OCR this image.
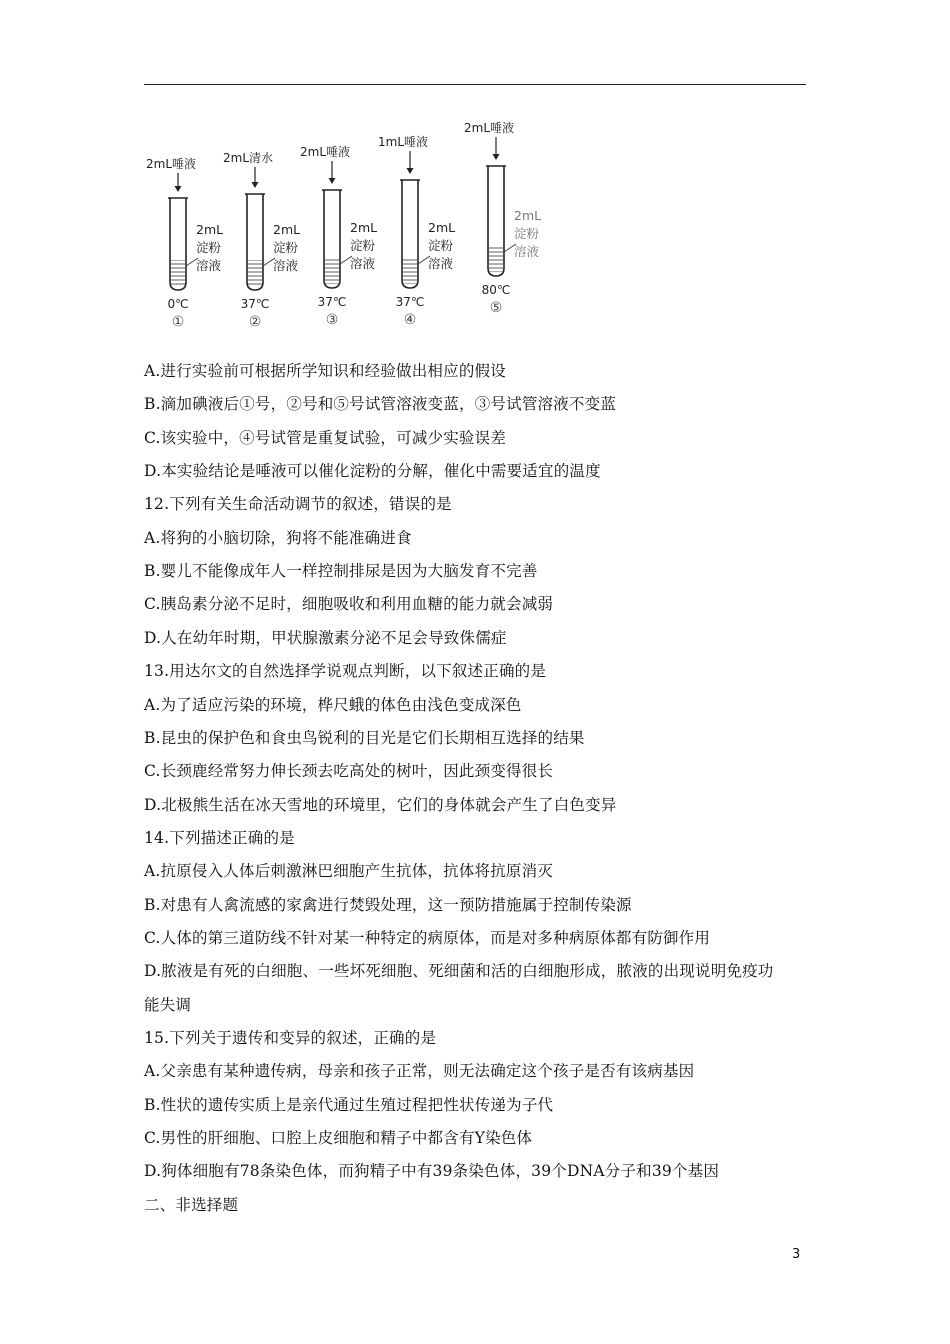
2mL唾液
2mL
淀粉
溶液
0℃
①
2mL清水
2mL
淀粉
溶液
37℃
②
2mL唾液
2mL
淀粉
溶液
37℃
③
1mL唾液
2mL
淀粉
溶液
37℃
④
2mL唾液
2mL
淀粉
溶液
80℃
⑤
A.进行实验前可根据所学知识和经验做出相应的假设
B.滴加碘液后①号，②号和⑤号试管溶液变蓝，③号试管溶液不变蓝
C.该实验中，④号试管是重复试验，可减少实验误差
D.本实验结论是唾液可以催化淀粉的分解，催化中需要适宜的温度
12.下列有关生命活动调节的叙述，错误的是
A.将狗的小脑切除，狗将不能准确进食
B.婴儿不能像成年人一样控制排尿是因为大脑发育不完善
C.胰岛素分泌不足时，细胞吸收和利用血糖的能力就会减弱
D.人在幼年时期，甲状腺激素分泌不足会导致侏儒症
13.用达尔文的自然选择学说观点判断，以下叙述正确的是
A.为了适应污染的环境，桦尺蛾的体色由浅色变成深色
B.昆虫的保护色和食虫鸟锐利的目光是它们长期相互选择的结果
C.长颈鹿经常努力伸长颈去吃高处的树叶，因此颈变得很长
D.北极熊生活在冰天雪地的环境里，它们的身体就会产生了白色变异
14.下列描述正确的是
A.抗原侵入人体后刺激淋巴细胞产生抗体，抗体将抗原消灭
B.对患有人禽流感的家禽进行焚毁处理，这一预防措施属于控制传染源
C.人体的第三道防线不针对某一种特定的病原体，而是对多种病原体都有防御作用
D.脓液是有死的白细胞、一些坏死细胞、死细菌和活的白细胞形成，脓液的出现说明免疫功
能失调
15.下列关于遗传和变异的叙述，正确的是
A.父亲患有某种遗传病，母亲和孩子正常，则无法确定这个孩子是否有该病基因
B.性状的遗传实质上是亲代通过生殖过程把性状传递为子代
C.男性的肝细胞、口腔上皮细胞和精子中都含有Y染色体
D.狗体细胞有78条染色体，而狗精子中有39条染色体，39个DNA分子和39个基因
二、非选择题
3
